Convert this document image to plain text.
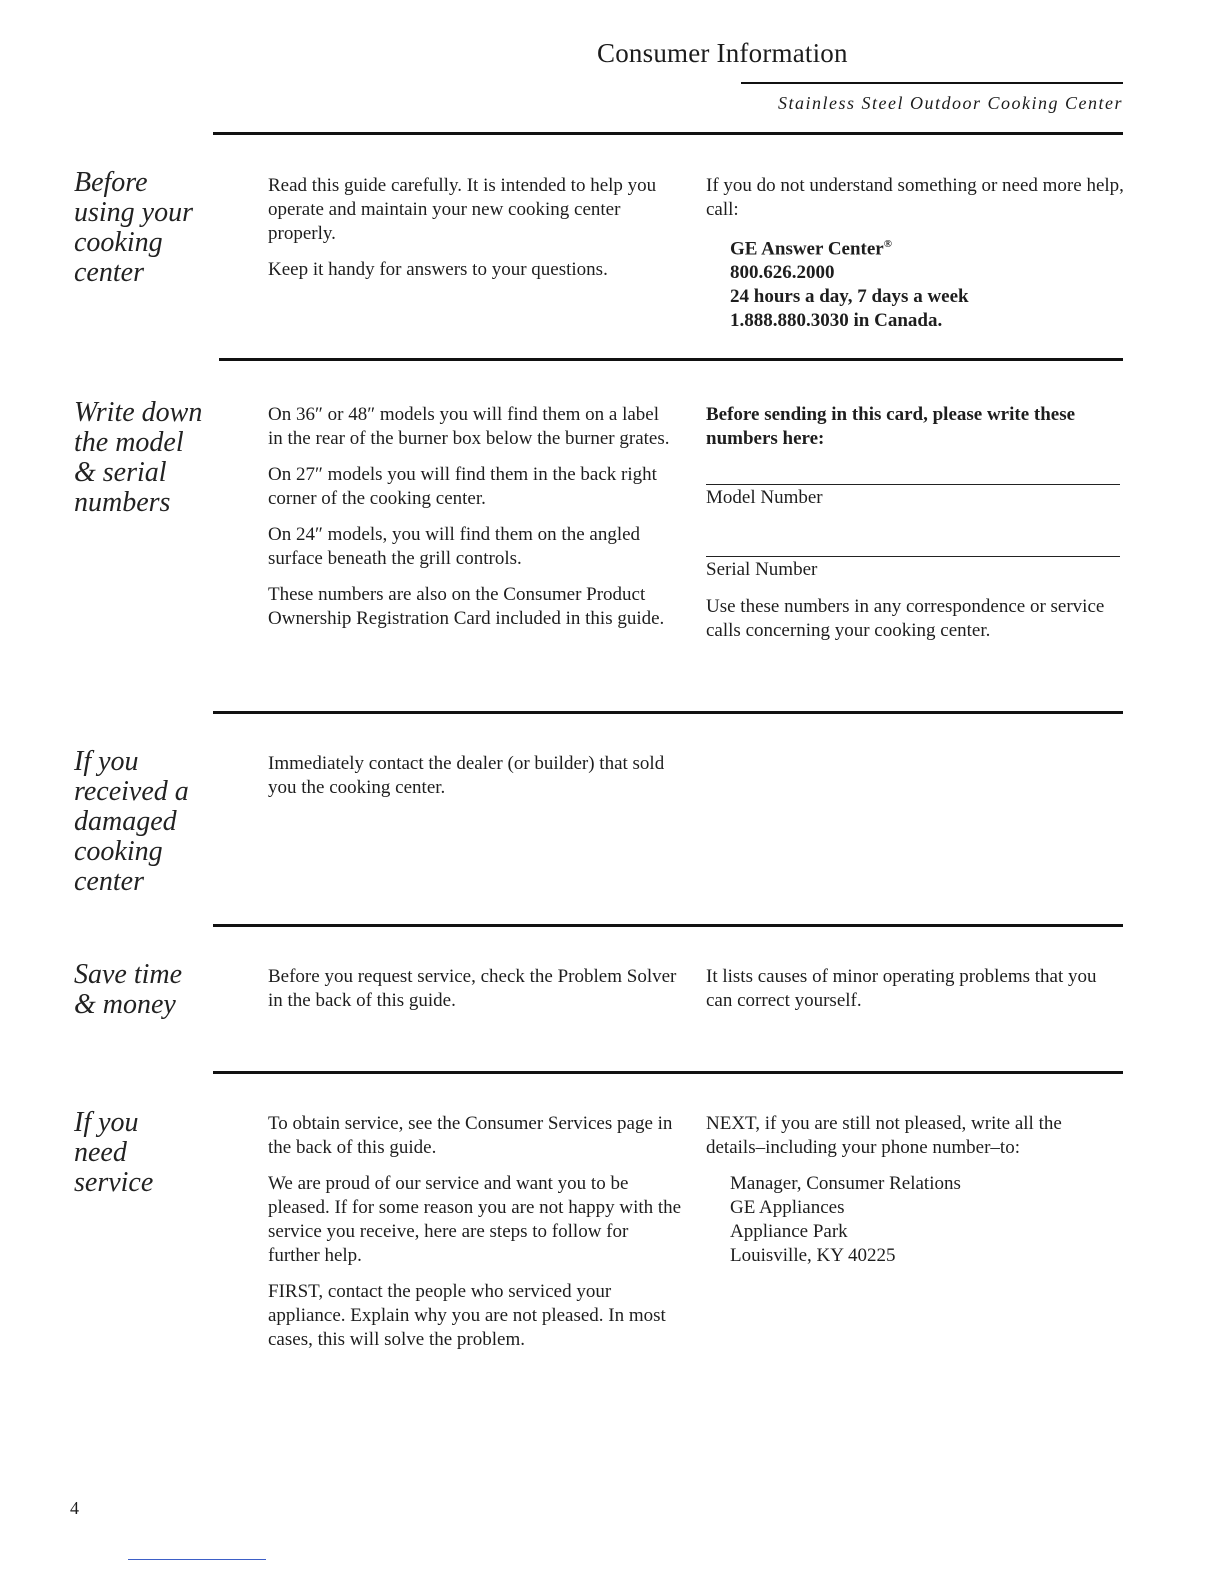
Consumer Information
Stainless Steel Outdoor Cooking Center
Before
using your
cooking
center

Read this guide carefully. It is intended to help you operate and maintain your new cooking center properly.

Keep it handy for answers to your questions.

If you do not understand something or need more help, call:

GE Answer Center®
800.626.2000
24 hours a day, 7 days a week
1.888.880.3030 in Canada.
Write down
the model
& serial
numbers

On 36″ or 48″ models you will find them on a label in the rear of the burner box below the burner grates.

On 27″ models you will find them in the back right corner of the cooking center.

On 24″ models, you will find them on the angled surface beneath the grill controls.

These numbers are also on the Consumer Product Ownership Registration Card included in this guide.

Before sending in this card, please write these numbers here:
Model Number
Serial Number
Use these numbers in any correspondence or service calls concerning your cooking center.
If you
received a
damaged
cooking
center
Immediately contact the dealer (or builder) that sold you the cooking center.
Save time
& money
Before you request service, check the Problem Solver in the back of this guide.
It lists causes of minor operating problems that you can correct yourself.
If you
need
service

To obtain service, see the Consumer Services page in the back of this guide.

We are proud of our service and want you to be pleased. If for some reason you are not happy with the service you receive, here are steps to follow for further help.

FIRST, contact the people who serviced your appliance. Explain why you are not pleased. In most cases, this will solve the problem.

NEXT, if you are still not pleased, write all the details–including your phone number–to:

Manager, Consumer Relations
GE Appliances
Appliance Park
Louisville, KY 40225
4
